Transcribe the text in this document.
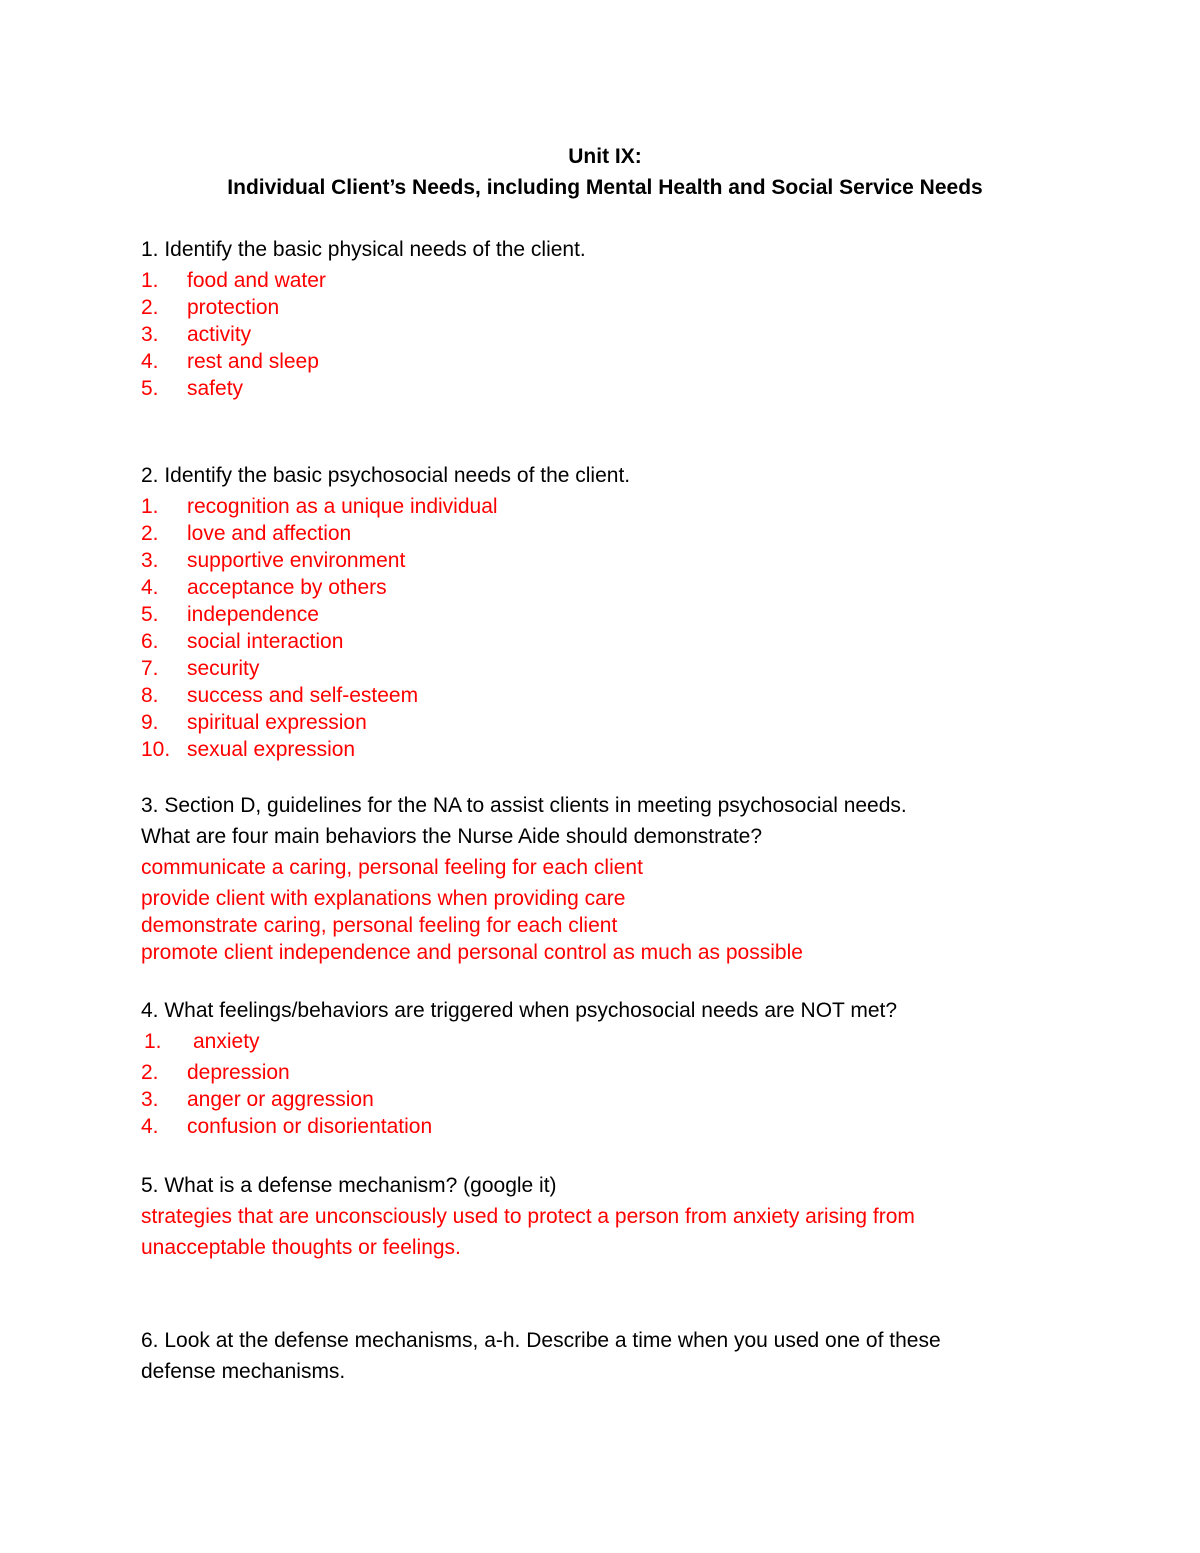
Unit IX:
Individual Client’s Needs, including Mental Health and Social Service Needs
1. Identify the basic physical needs of the client.
1. food and water
2. protection
3. activity
4. rest and sleep
5. safety
2. Identify the basic psychosocial needs of the client.
1. recognition as a unique individual
2. love and affection
3. supportive environment
4. acceptance by others
5. independence
6. social interaction
7. security
8. success and self-esteem
9. spiritual expression
10. sexual expression
3. Section D, guidelines for the NA to assist clients in meeting psychosocial needs.
What are four main behaviors the Nurse Aide should demonstrate?
communicate a caring, personal feeling for each client
provide client with explanations when providing care
demonstrate caring, personal feeling for each client
promote client independence and personal control as much as possible
4. What feelings/behaviors are triggered when psychosocial needs are NOT met?
1. anxiety
2. depression
3. anger or aggression
4. confusion or disorientation
5. What is a defense mechanism? (google it)
strategies that are unconsciously used to protect a person from anxiety arising from
unacceptable thoughts or feelings.
6. Look at the defense mechanisms, a-h. Describe a time when you used one of these
defense mechanisms.
